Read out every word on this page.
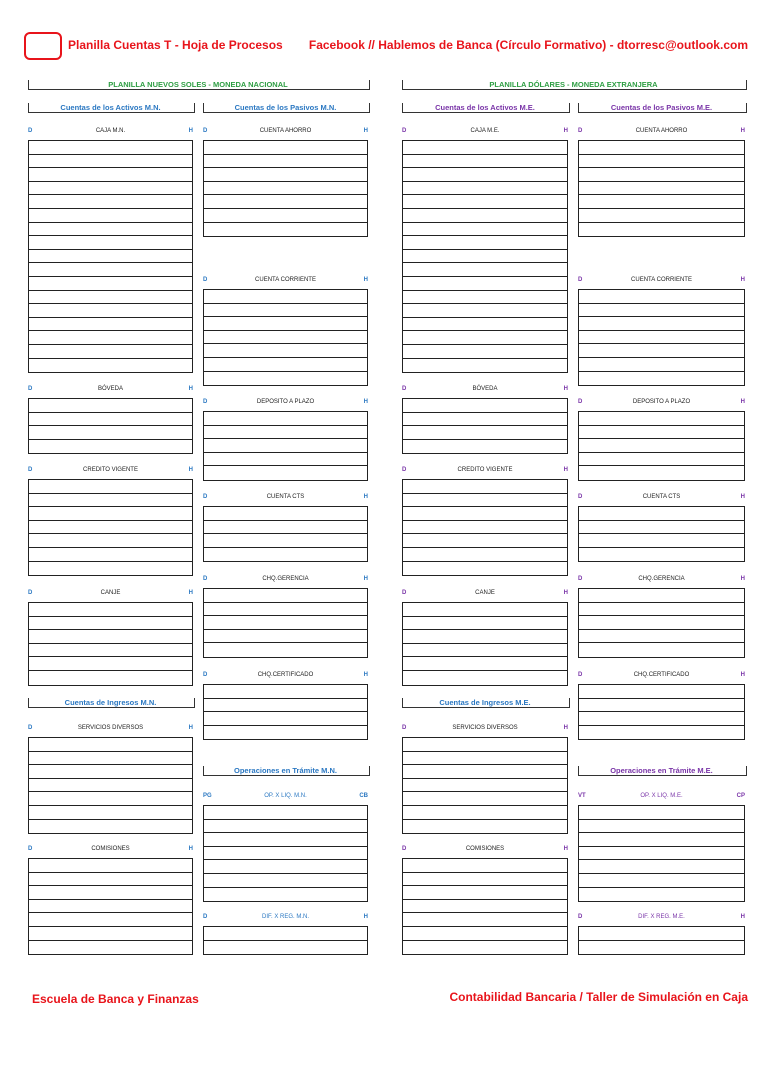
Planilla Cuentas T - Hoja de Procesos Facebook // Hablemos de Banca (Círculo Formativo) - dtorresc@outlook.com
PLANILLA NUEVOS SOLES - MONEDA NACIONAL	PLANILLA DÓLARES - MONEDA EXTRANJERA
Cuentas de los Activos M.N.	Cuentas de los Pasivos M.N.	Cuentas de los Activos M.E.	Cuentas de los Pasivos M.E.
Cuentas de Ingresos M.N.	Cuentas de Ingresos M.E.
Operaciones en Trámite M.N.	Operaciones en Trámite M.E.
D	CAJA M.N.	H
D	BÓVEDA	H
D	CREDITO VIGENTE	H
D	CANJE	H
D	SERVICIOS DIVERSOS	H
D	COMISIONES	H
D	CUENTA AHORRO	H
D	CUENTA CORRIENTE	H
D	DEPOSITO A PLAZO	H
D	CUENTA CTS	H
D	CHQ.GERENCIA	H
D	CHQ.CERTIFICADO	H
PG	OP. X LIQ. M.N.	CB
D	DIF. X REG. M.N.	H
D	CAJA M.E.	H
D	BÓVEDA	H
D	CREDITO VIGENTE	H
D	CANJE	H
D	SERVICIOS DIVERSOS	H
D	COMISIONES	H
D	CUENTA AHORRO	H
D	CUENTA CORRIENTE	H
D	DEPOSITO A PLAZO	H
D	CUENTA CTS	H
D	CHQ.GERENCIA	H
D	CHQ.CERTIFICADO	H
VT	OP. X LIQ. M.E.	CP
D	DIF. X REG. M.E.	H
Escuela de Banca y Finanzas	Contabilidad Bancaria / Taller de Simulación en Caja
